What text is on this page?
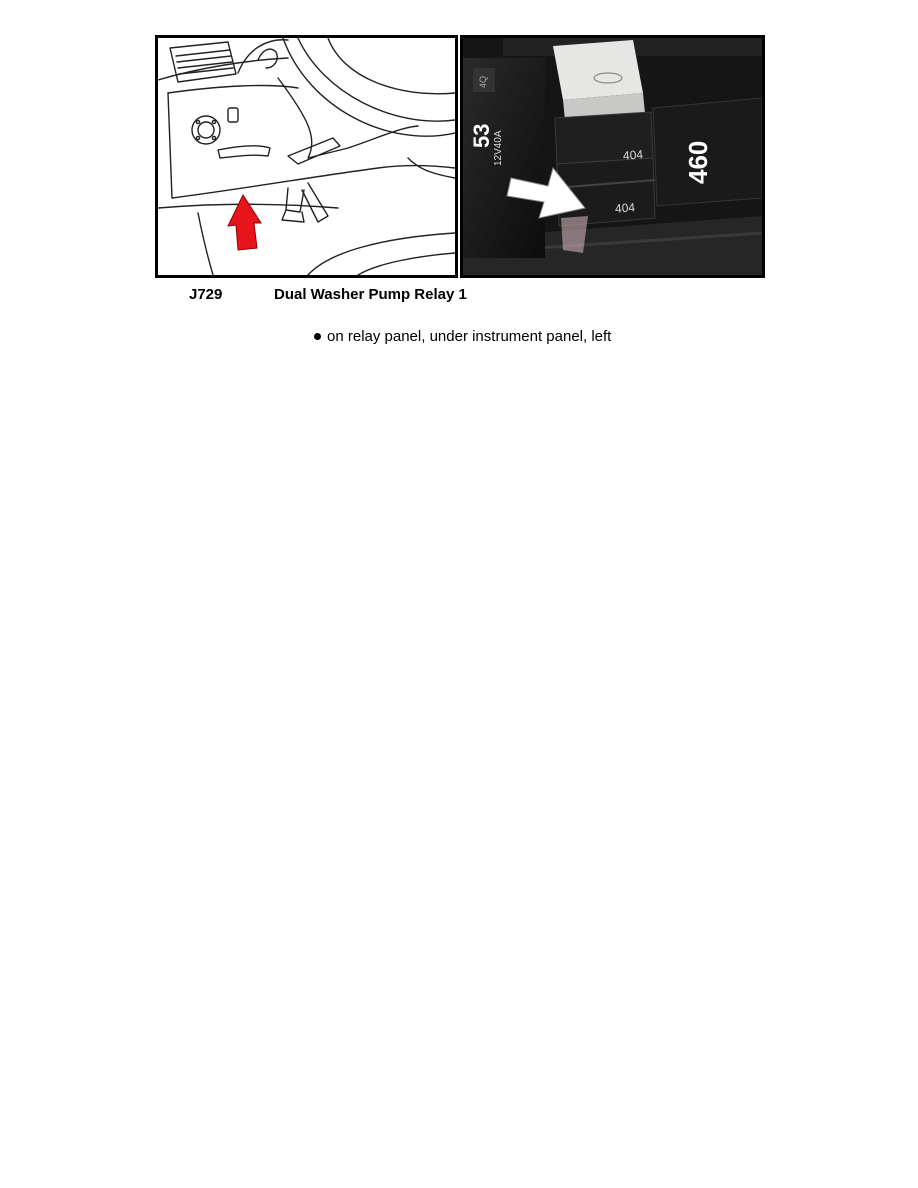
4Q
53 12V40A	404
404
460
J729	Dual Washer Pump Relay 1
on relay panel, under instrument panel, left
